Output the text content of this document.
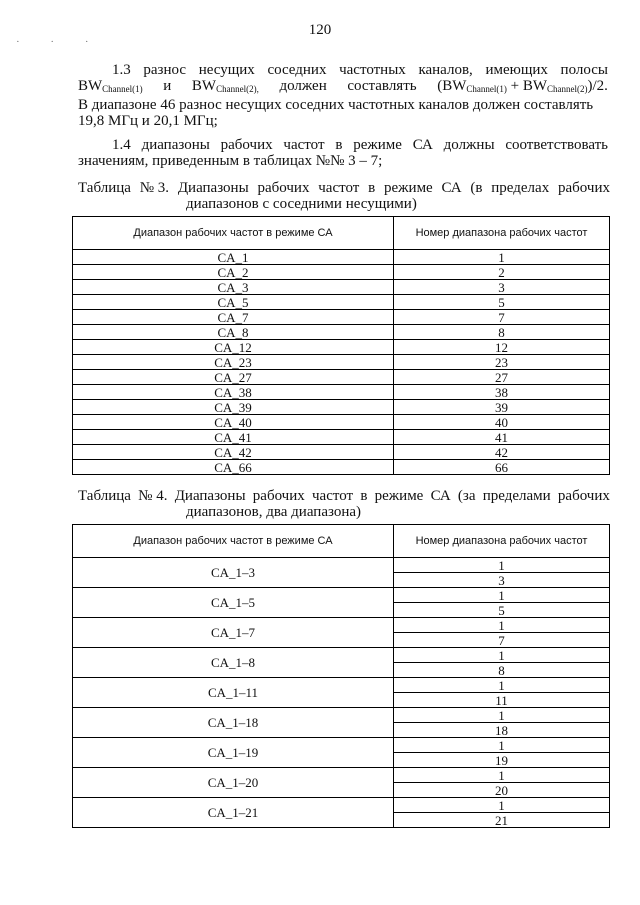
120
· · ·
1.3 разнос несущих соседних частотных каналов, имеющих полосы
$BW_{Channel(1)}$ и $BW_{Channel(2),}$ должен составлять $(BW_{Channel(1)} + BW_{Channel(2)})/2$.
В диапазоне 46 разнос несущих соседних частотных каналов должен составлять
19,8 МГц и 20,1 МГц;
1.4 диапазоны рабочих частот в режиме СА должны соответствовать
значениям, приведенным в таблицах №№ 3 – 7;
Таблица № 3. Диапазоны рабочих частот в режиме СА (в пределах рабочих
диапазонов с соседними несущими)
Диапазон рабочих частот в режиме СА	Номер диапазона рабочих частот
CA_1	1
CA_2	2
CA_3	3
CA_5	5
CA_7	7
CA_8	8
CA_12	12
CA_23	23
CA_27	27
CA_38	38
CA_39	39
CA_40	40
CA_41	41
CA_42	42
CA_66	66
Таблица № 4. Диапазоны рабочих частот в режиме СА (за пределами рабочих
диапазонов, два диапазона)
Диапазон рабочих частот в режиме СА	Номер диапазона рабочих частот
CA_1–3	1
	3
CA_1–5	1
	5
CA_1–7	1
	7
CA_1–8	1
	8
CA_1–11	1
	11
CA_1–18	1
	18
CA_1–19	1
	19
CA_1–20	1
	20
CA_1–21	1
	21
